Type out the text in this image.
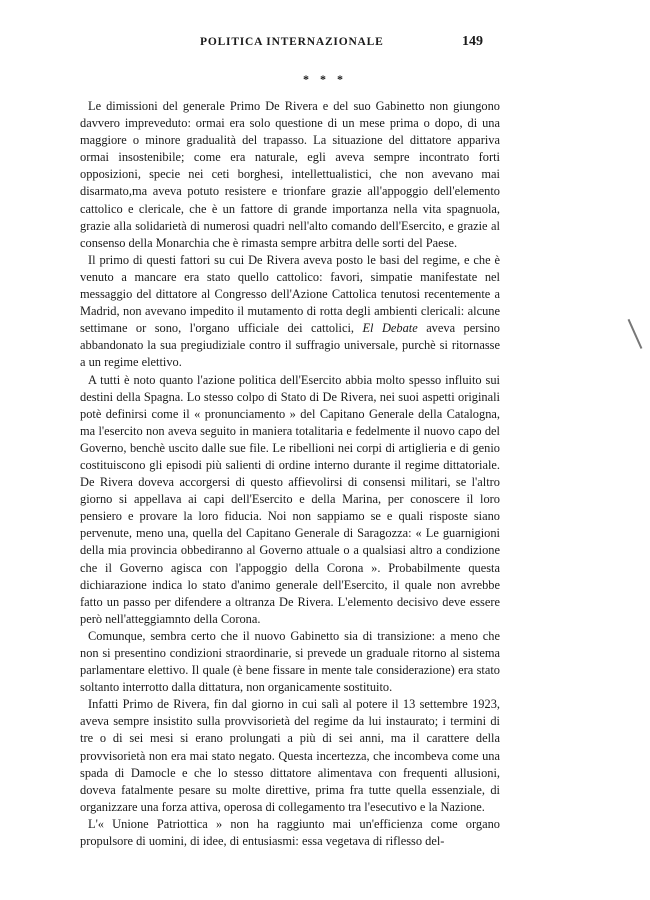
POLITICA INTERNAZIONALE	149
* * *

Le dimissioni del generale Primo De Rivera e del suo Gabinetto non giungono davvero impreveduto: ormai era solo questione di un mese prima o dopo, di una maggiore o minore gradualità del trapasso. La situazione del dittatore appariva ormai insostenibile; come era naturale, egli aveva sempre incontrato forti opposizioni, specie nei ceti borghesi, intellettualistici, che non avevano mai disarmato,ma aveva potuto resistere e trionfare grazie all'appoggio dell'elemento cattolico e clericale, che è un fattore di grande importanza nella vita spagnuola, grazie alla solidarietà di numerosi quadri nell'alto comando dell'Esercito, e grazie al consenso della Monarchia che è rimasta sempre arbitra delle sorti del Paese.

Il primo di questi fattori su cui De Rivera aveva posto le basi del regime, e che è venuto a mancare era stato quello cattolico: favori, simpatie manifestate nel messaggio del dittatore al Congresso dell'Azione Cattolica tenutosi recentemente a Madrid, non avevano impedito il mutamento di rotta degli ambienti clericali: alcune settimane or sono, l'organo ufficiale dei cattolici, El Debate aveva persino abbandonato la sua pregiudiziale contro il suffragio universale, purchè si ritornasse a un regime elettivo.

A tutti è noto quanto l'azione politica dell'Esercito abbia molto spesso influito sui destini della Spagna. Lo stesso colpo di Stato di De Rivera, nei suoi aspetti originali potè definirsi come il « pronunciamento » del Capitano Generale della Catalogna, ma l'esercito non aveva seguito in maniera totalitaria e fedelmente il nuovo capo del Governo, benchè uscito dalle sue file. Le ribellioni nei corpi di artiglieria e di genio costituiscono gli episodi più salienti di ordine interno durante il regime dittatoriale. De Rivera doveva accorgersi di questo affievolirsi di consensi militari, se l'altro giorno si appellava ai capi dell'Esercito e della Marina, per conoscere il loro pensiero e provare la loro fiducia. Noi non sappiamo se e quali risposte siano pervenute, meno una, quella del Capitano Generale di Saragozza: « Le guarnigioni della mia provincia obbediranno al Governo attuale o a qualsiasi altro a condizione che il Governo agisca con l'appoggio della Corona ». Probabilmente questa dichiarazione indica lo stato d'animo generale dell'Esercito, il quale non avrebbe fatto un passo per difendere a oltranza De Rivera. L'elemento decisivo deve essere però nell'atteggiamnto della Corona.

Comunque, sembra certo che il nuovo Gabinetto sia di transizione: a meno che non si presentino condizioni straordinarie, si prevede un graduale ritorno al sistema parlamentare elettivo. Il quale (è bene fissare in mente tale considerazione) era stato soltanto interrotto dalla dittatura, non organicamente sostituito.

Infatti Primo de Rivera, fin dal giorno in cui salì al potere il 13 settembre 1923, aveva sempre insistito sulla provvisorietà del regime da lui instaurato; i termini di tre o di sei mesi si erano prolungati a più di sei anni, ma il carattere della provvisorietà non era mai stato negato. Questa incertezza, che incombeva come una spada di Damocle e che lo stesso dittatore alimentava con frequenti allusioni, doveva fatalmente pesare su molte direttive, prima fra tutte quella essenziale, di organizzare una forza attiva, operosa di collegamento tra l'esecutivo e la Nazione.

L'« Unione Patriottica » non ha raggiunto mai un'efficienza come organo propulsore di uomini, di idee, di entusiasmi: essa vegetava di riflesso del-
